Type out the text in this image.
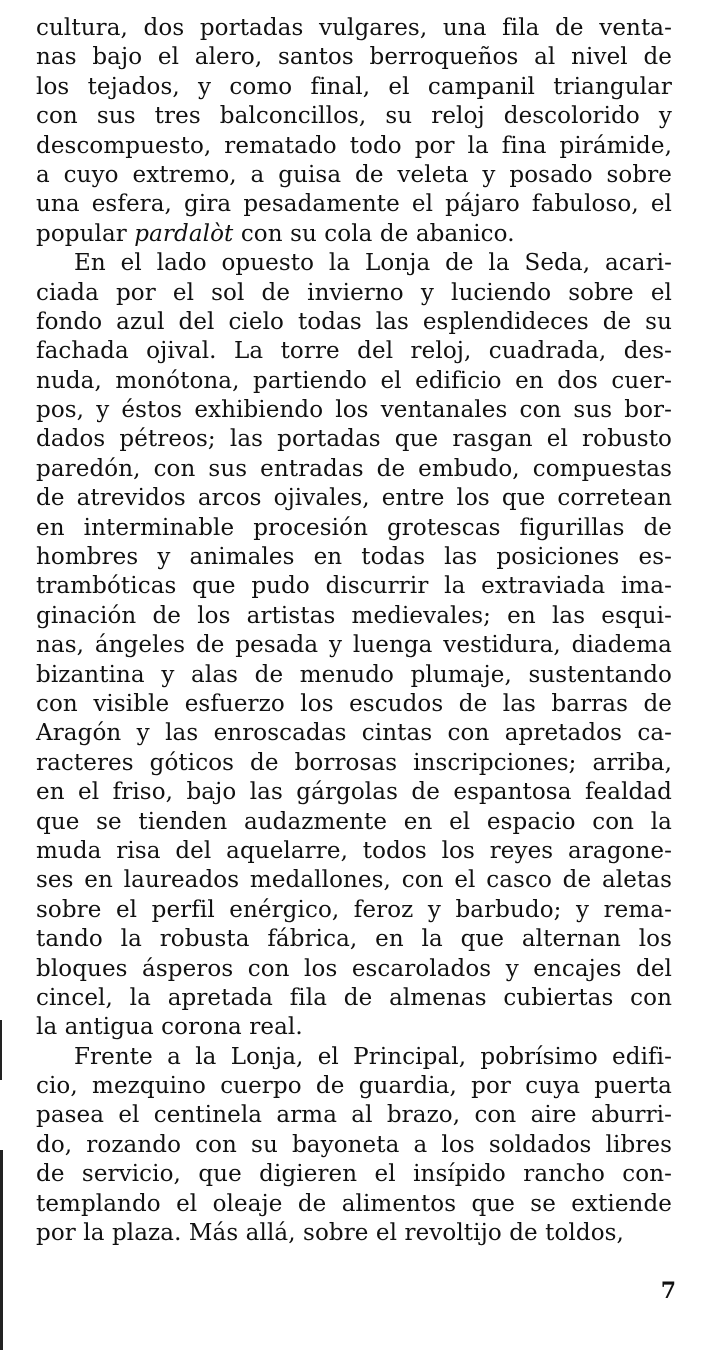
cultura, dos portadas vulgares, una fila de venta-
nas bajo el alero, santos berroqueños al nivel de
los tejados, y como final, el campanil triangular
con sus tres balconcillos, su reloj descolorido y
descompuesto, rematado todo por la fina pirámide,
a cuyo extremo, a guisa de veleta y posado sobre
una esfera, gira pesadamente el pájaro fabuloso, el
popular pardalòt con su cola de abanico.
En el lado opuesto la Lonja de la Seda, acari-
ciada por el sol de invierno y luciendo sobre el
fondo azul del cielo todas las esplendideces de su
fachada ojival. La torre del reloj, cuadrada, des-
nuda, monótona, partiendo el edificio en dos cuer-
pos, y éstos exhibiendo los ventanales con sus bor-
dados pétreos; las portadas que rasgan el robusto
paredón, con sus entradas de embudo, compuestas
de atrevidos arcos ojivales, entre los que corretean
en interminable procesión grotescas figurillas de
hombres y animales en todas las posiciones es-
trambóticas que pudo discurrir la extraviada ima-
ginación de los artistas medievales; en las esqui-
nas, ángeles de pesada y luenga vestidura, diadema
bizantina y alas de menudo plumaje, sustentando
con visible esfuerzo los escudos de las barras de
Aragón y las enroscadas cintas con apretados ca-
racteres góticos de borrosas inscripciones; arriba,
en el friso, bajo las gárgolas de espantosa fealdad
que se tienden audazmente en el espacio con la
muda risa del aquelarre, todos los reyes aragone-
ses en laureados medallones, con el casco de aletas
sobre el perfil enérgico, feroz y barbudo; y rema-
tando la robusta fábrica, en la que alternan los
bloques ásperos con los escarolados y encajes del
cincel, la apretada fila de almenas cubiertas con
la antigua corona real.
Frente a la Lonja, el Principal, pobrísimo edifi-
cio, mezquino cuerpo de guardia, por cuya puerta
pasea el centinela arma al brazo, con aire aburri-
do, rozando con su bayoneta a los soldados libres
de servicio, que digieren el insípido rancho con-
templando el oleaje de alimentos que se extiende
por la plaza. Más allá, sobre el revoltijo de toldos,
7
